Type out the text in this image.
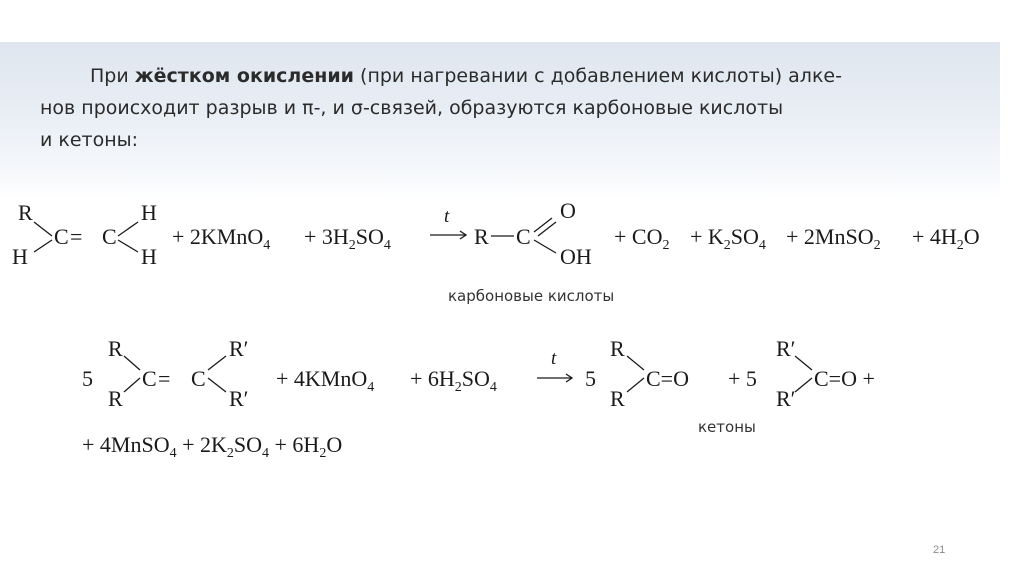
При жёстком окислении (при нагревании с добавлением кислоты) алке-
нов происходит разрыв и π-, и σ-связей, образуются карбоновые кислоты
и кетоны:
R
H
C = C
H
H
+ 2KMnO$_4$ + $3H_2SO_4$
t
R C
O
OH
+ $CO_2 + K_2SO_4$ + 2MnSO$_2$ + $4H_2O$
карбоновые кислоты
5
R
R
C = C
R′
R′
+ 4KMnO$_4$ + $6H_2SO_4$
t
5
R
R
C=O + 5
R′
R′
C=O +
кетоны
+ 4MnSO$_4$ + $2K_2SO_4 + 6H_2O$
21
